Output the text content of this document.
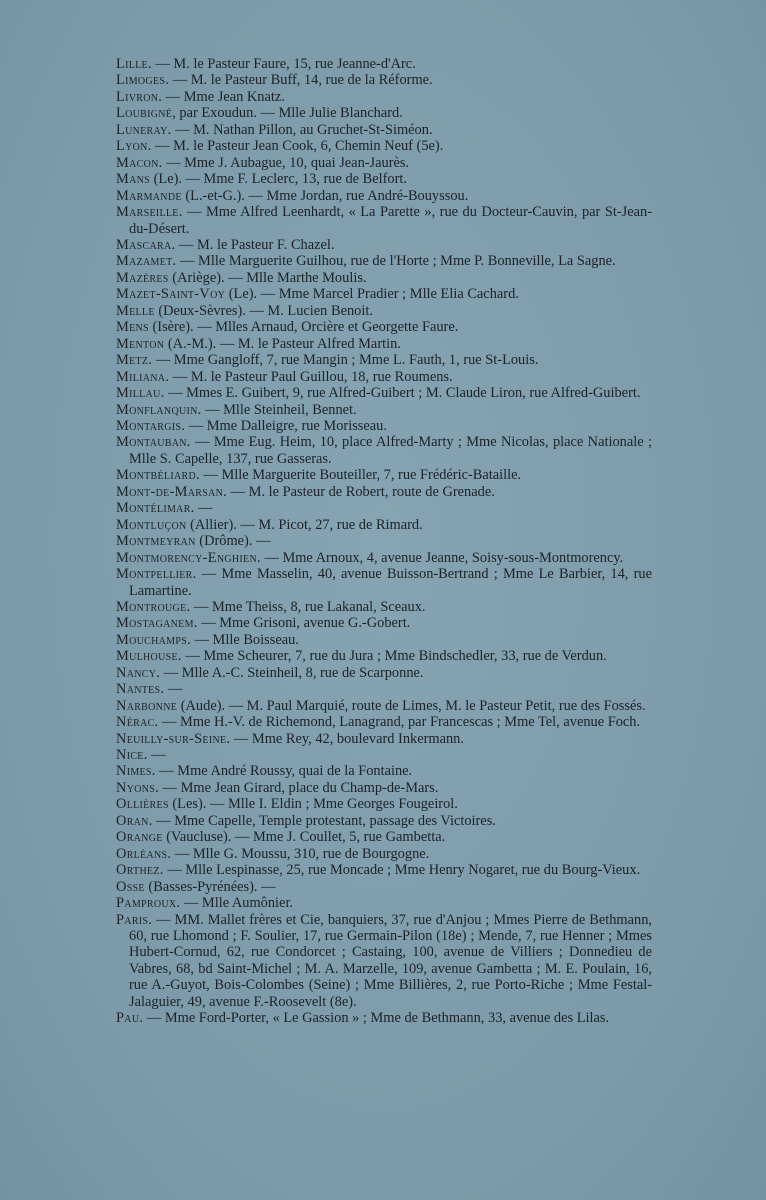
Lille. — M. le Pasteur Faure, 15, rue Jeanne-d'Arc.

Limoges. — M. le Pasteur Buff, 14, rue de la Réforme.

Livron. — Mme Jean Knatz.

Loubigné, par Exoudun. — Mlle Julie Blanchard.

Luneray. — M. Nathan Pillon, au Gruchet-St-Siméon.

Lyon. — M. le Pasteur Jean Cook, 6, Chemin Neuf (5e).

Macon. — Mme J. Aubague, 10, quai Jean-Jaurès.

Mans (Le). — Mme F. Leclerc, 13, rue de Belfort.

Marmande (L.-et-G.). — Mme Jordan, rue André-Bouyssou.

Marseille. — Mme Alfred Leenhardt, « La Parette », rue du Docteur-Cauvin, par St-Jean-du-Désert.

Mascara. — M. le Pasteur F. Chazel.

Mazamet. — Mlle Marguerite Guilhou, rue de l'Horte ; Mme P. Bonneville, La Sagne.

Mazères (Ariège). — Mlle Marthe Moulis.

Mazet-Saint-Voy (Le). — Mme Marcel Pradier ; Mlle Elia Cachard.

Melle (Deux-Sèvres). — M. Lucien Benoit.

Mens (Isère). — Mlles Arnaud, Orcière et Georgette Faure.

Menton (A.-M.). — M. le Pasteur Alfred Martin.

Metz. — Mme Gangloff, 7, rue Mangin ; Mme L. Fauth, 1, rue St-Louis.

Miliana. — M. le Pasteur Paul Guillou, 18, rue Roumens.

Millau. — Mmes E. Guibert, 9, rue Alfred-Guibert ; M. Claude Liron, rue Alfred-Guibert.

Monflanquin. — Mlle Steinheil, Bennet.

Montargis. — Mme Dalleigre, rue Morisseau.

Montauban. — Mme Eug. Heim, 10, place Alfred-Marty ; Mme Nicolas, place Nationale ; Mlle S. Capelle, 137, rue Gasseras.

Montbéliard. — Mlle Marguerite Bouteiller, 7, rue Frédéric-Bataille.

Mont-de-Marsan. — M. le Pasteur de Robert, route de Grenade.

Montélimar. —

Montluçon (Allier). — M. Picot, 27, rue de Rimard.

Montmeyran (Drôme). —

Montmorency-Enghien. — Mme Arnoux, 4, avenue Jeanne, Soisy-sous-Montmorency.

Montpellier. — Mme Masselin, 40, avenue Buisson-Bertrand ; Mme Le Barbier, 14, rue Lamartine.

Montrouge. — Mme Theiss, 8, rue Lakanal, Sceaux.

Mostaganem. — Mme Grisoni, avenue G.-Gobert.

Mouchamps. — Mlle Boisseau.

Mulhouse. — Mme Scheurer, 7, rue du Jura ; Mme Bindschedler, 33, rue de Verdun.

Nancy. — Mlle A.-C. Steinheil, 8, rue de Scarponne.

Nantes. —

Narbonne (Aude). — M. Paul Marquié, route de Limes, M. le Pasteur Petit, rue des Fossés.

Nérac. — Mme H.-V. de Richemond, Lanagrand, par Francescas ; Mme Tel, avenue Foch.

Neuilly-sur-Seine. — Mme Rey, 42, boulevard Inkermann.

Nice. —

Nimes. — Mme André Roussy, quai de la Fontaine.

Nyons. — Mme Jean Girard, place du Champ-de-Mars.

Ollières (Les). — Mlle I. Eldin ; Mme Georges Fougeirol.

Oran. — Mme Capelle, Temple protestant, passage des Victoires.

Orange (Vaucluse). — Mme J. Coullet, 5, rue Gambetta.

Orléans. — Mlle G. Moussu, 310, rue de Bourgogne.

Orthez. — Mlle Lespinasse, 25, rue Moncade ; Mme Henry Nogaret, rue du Bourg-Vieux.

Osse (Basses-Pyrénées). —

Pamproux. — Mlle Aumônier.

Paris. — MM. Mallet frères et Cie, banquiers, 37, rue d'Anjou ; Mmes Pierre de Bethmann, 60, rue Lhomond ; F. Soulier, 17, rue Germain-Pilon (18e) ; Mende, 7, rue Henner ; Mmes Hubert-Cornud, 62, rue Condorcet ; Castaing, 100, avenue de Villiers ; Donnedieu de Vabres, 68, bd Saint-Michel ; M. A. Marzelle, 109, avenue Gambetta ; M. E. Poulain, 16, rue A.-Guyot, Bois-Colombes (Seine) ; Mme Billières, 2, rue Porto-Riche ; Mme Festal-Jalaguier, 49, avenue F.-Roosevelt (8e).

Pau. — Mme Ford-Porter, « Le Gassion » ; Mme de Bethmann, 33, avenue des Lilas.
